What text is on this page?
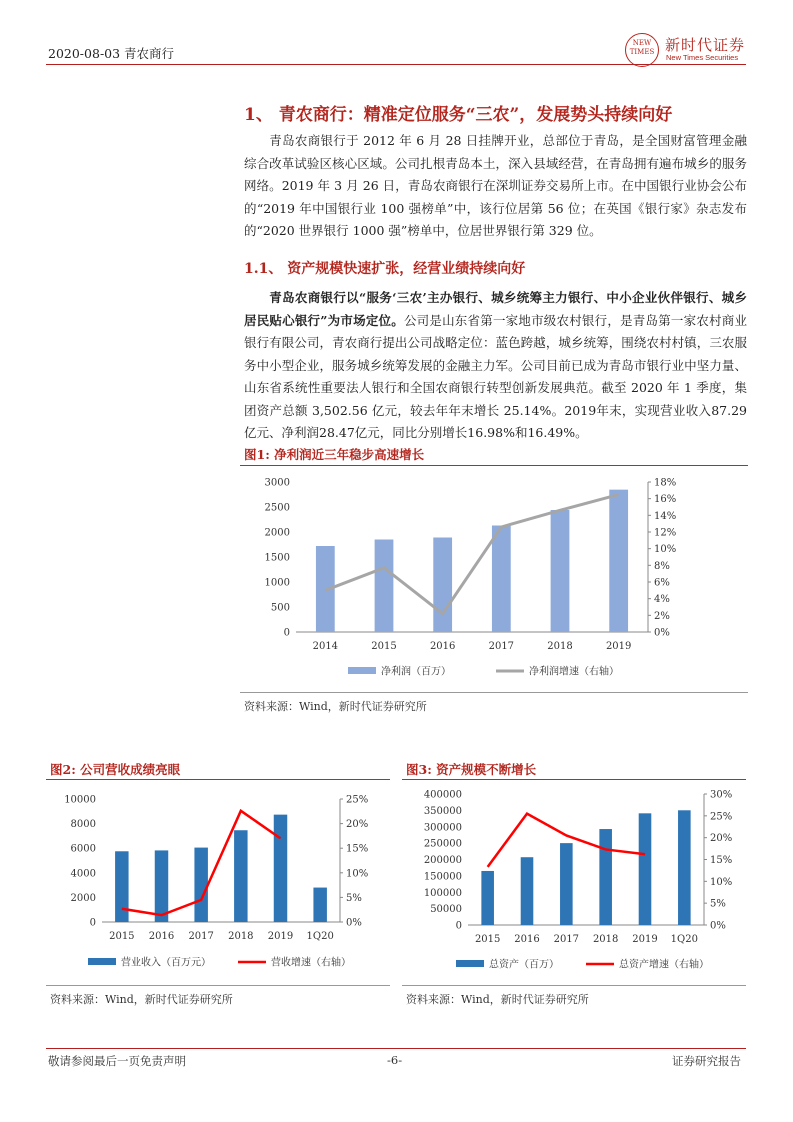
2020-08-03 青农商行
NEW TIMES 新时代证券
New Times Securities
1、 青农商行：精准定位服务“三农”，发展势头持续向好
青岛农商银行于 2012 年 6 月 28 日挂牌开业，总部位于青岛，是全国财富管理金融综合改革试验区核心区域。公司扎根青岛本土，深入县域经营，在青岛拥有遍布城乡的服务网络。2019 年 3 月 26 日，青岛农商银行在深圳证券交易所上市。在中国银行业协会公布的“2019 年中国银行业 100 强榜单”中，该行位居第 56 位；在英国《银行家》杂志发布的“2020 世界银行 1000 强”榜单中，位居世界银行第 329 位。
1.1、 资产规模快速扩张，经营业绩持续向好
青岛农商银行以“服务‘三农’主办银行、城乡统筹主力银行、中小企业伙伴银行、城乡居民贴心银行”为市场定位。公司是山东省第一家地市级农村银行，是青岛第一家农村商业银行有限公司，青农商行提出公司战略定位：蓝色跨越，城乡统筹，围绕农村村镇，三农服务中小型企业，服务城乡统筹发展的金融主力军。公司目前已成为青岛市银行业中坚力量、山东省系统性重要法人银行和全国农商银行转型创新发展典范。截至 2020 年 1 季度，集团资产总额 3,502.56 亿元，较去年年末增长 25.14%。2019年末，实现营业收入87.29亿元、净利润28.47亿元，同比分别增长16.98%和16.49%。
图1: 净利润近三年稳步高速增长
0
500
1000
1500
2000
2500
3000
0%
2%
4%
6%
8%
10%
12%
14%
16%
18%
2014	2015	2016	2017	2018	2019
净利润（百万）	净利润增速（右轴）
资料来源：Wind，新时代证券研究所
图2: 公司营收成绩亮眼
0
2000
4000
6000
8000
10000
0%
5%
10%
15%
20%
25%
2015 2016 2017 2018 2019 1Q20
营业收入（百万元）	营收增速（右轴）
资料来源：Wind，新时代证券研究所
图3: 资产规模不断增长
0
50000
100000
150000
200000
250000
300000
350000
400000
0%
5%
10%
15%
20%
25%
30%
2015 2016 2017 2018 2019 1Q20
总资产（百万）	总资产增速（右轴）
资料来源：Wind，新时代证券研究所
敬请参阅最后一页免责声明	-6-	证券研究报告
